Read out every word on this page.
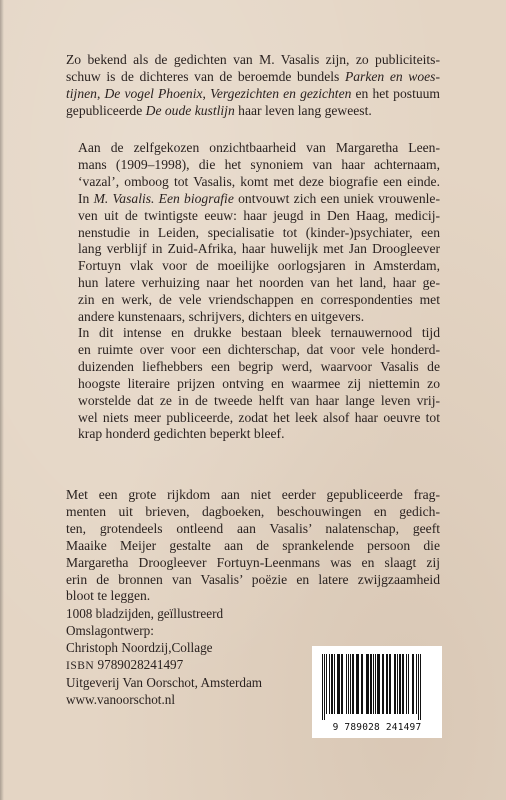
Zo bekend als de gedichten van M. Vasalis zijn, zo publiciteits-
schuw is de dichteres van de beroemde bundels Parken en woes-
tijnen, De vogel Phoenix, Vergezichten en gezichten en het postuum
gepubliceerde De oude kustlijn haar leven lang geweest.
Aan de zelfgekozen onzichtbaarheid van Margaretha Leen-
mans (1909–1998), die het synoniem van haar achternaam,
‘vazal’, omboog tot Vasalis, komt met deze biografie een einde.
In M. Vasalis. Een biografie ontvouwt zich een uniek vrouwenle-
ven uit de twintigste eeuw: haar jeugd in Den Haag, medicij-
nenstudie in Leiden, specialisatie tot (kinder-)psychiater, een
lang verblijf in Zuid-Afrika, haar huwelijk met Jan Droogleever
Fortuyn vlak voor de moeilijke oorlogsjaren in Amsterdam,
hun latere verhuizing naar het noorden van het land, haar ge-
zin en werk, de vele vriendschappen en correspondenties met
andere kunstenaars, schrijvers, dichters en uitgevers.
In dit intense en drukke bestaan bleek ternauwernood tijd
en ruimte over voor een dichterschap, dat voor vele honderd-
duizenden liefhebbers een begrip werd, waarvoor Vasalis de
hoogste literaire prijzen ontving en waarmee zij niettemin zo
worstelde dat ze in de tweede helft van haar lange leven vrij-
wel niets meer publiceerde, zodat het leek alsof haar oeuvre tot
krap honderd gedichten beperkt bleef.
Met een grote rijkdom aan niet eerder gepubliceerde frag-
menten uit brieven, dagboeken, beschouwingen en gedich-
ten, grotendeels ontleend aan Vasalis’ nalatenschap, geeft
Maaike Meijer gestalte aan de sprankelende persoon die
Margaretha Droogleever Fortuyn-Leenmans was en slaagt zij
erin de bronnen van Vasalis’ poëzie en latere zwijgzaamheid
bloot te leggen.
1008 bladzijden, geïllustreerd
Omslagontwerp:
Christoph Noordzij,Collage
ISBN 9789028241497
Uitgeverij Van Oorschot, Amsterdam
www.vanoorschot.nl
9 789028 241497
